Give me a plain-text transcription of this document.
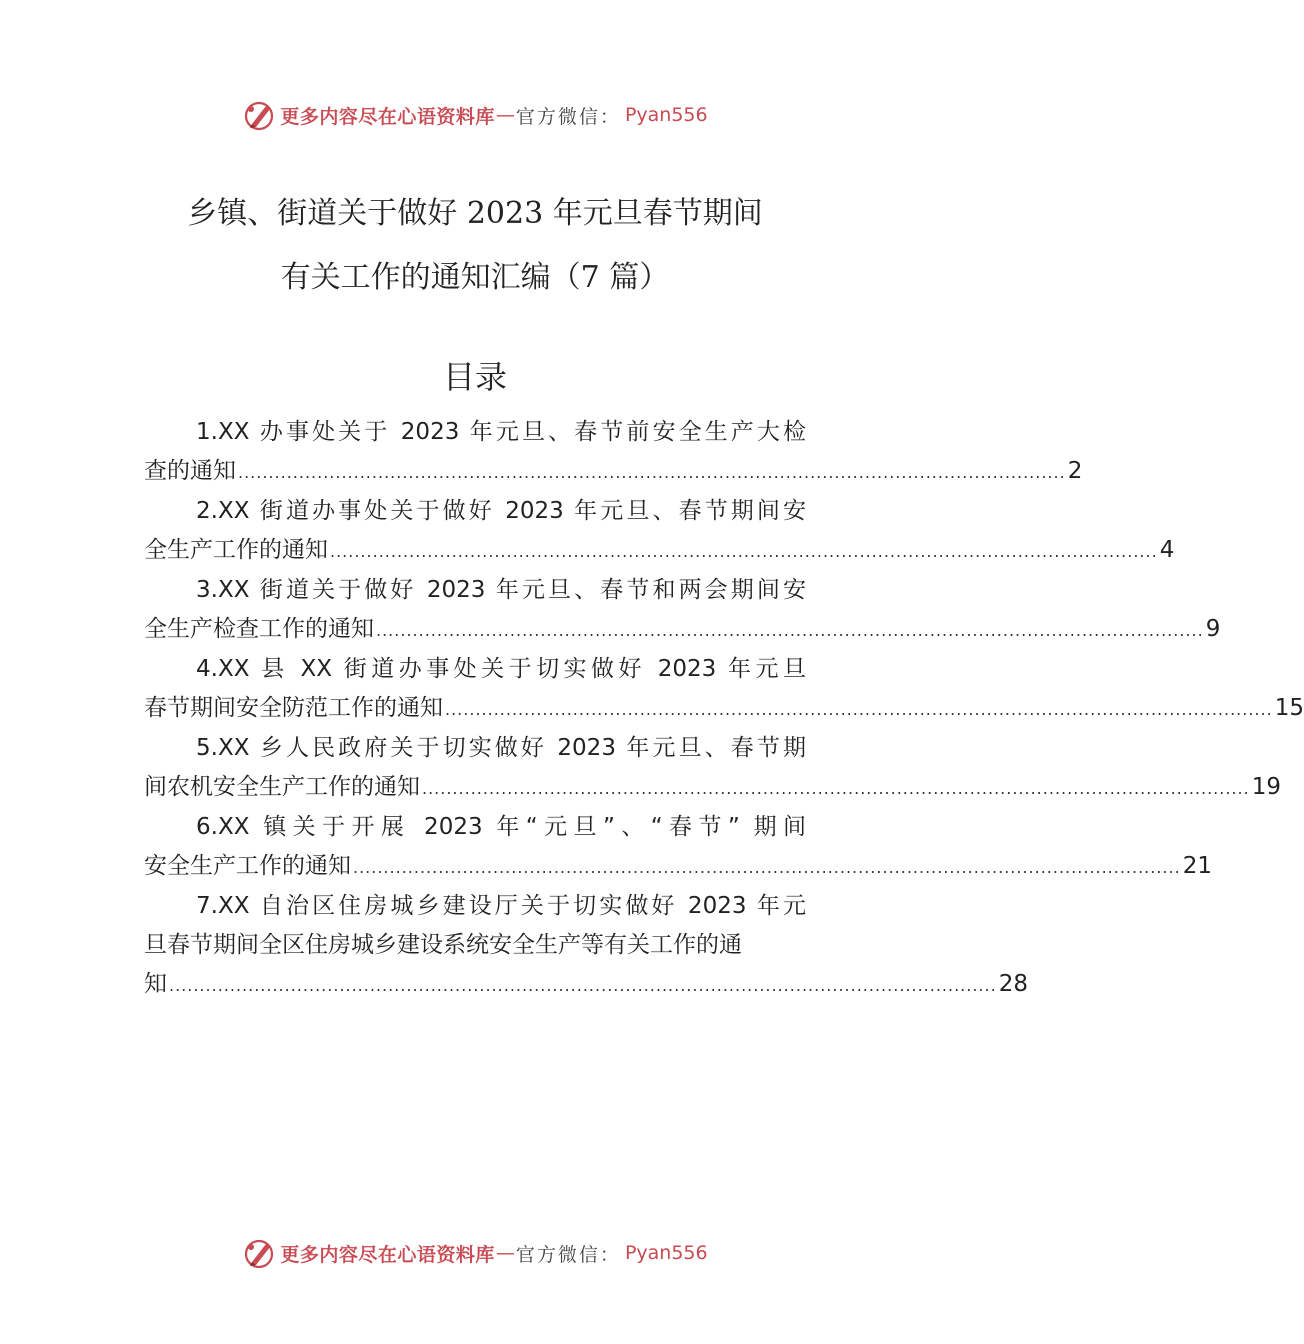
更多内容尽在心语资料库 — 官方微信： Pyan556
乡镇、街道关于做好 2023 年元旦春节期间
有关工作的通知汇编（7 篇）
目录
1.XX 办事处关于 2023 年元旦、春节前安全生产大检
查的通知 ........................................................................................................................................ 2
2.XX 街道办事处关于做好 2023 年元旦、春节期间安
全生产工作的通知 ........................................................................................................................................ 4
3.XX 街道关于做好 2023 年元旦、春节和两会期间安
全生产检查工作的通知 ........................................................................................................................................ 9
4.XX 县 XX 街道办事处关于切实做好 2023 年元旦
春节期间安全防范工作的通知 ........................................................................................................................................ 15
5.XX 乡人民政府关于切实做好 2023 年元旦、春节期
间农机安全生产工作的通知 ........................................................................................................................................ 19
6.XX 镇关于开展 2023 年“元旦”、“春节” 期间
安全生产工作的通知 ........................................................................................................................................ 21
7.XX 自治区住房城乡建设厅关于切实做好 2023 年元
旦春节期间全区住房城乡建设系统安全生产等有关工作的通
知 ........................................................................................................................................ 28
更多内容尽在心语资料库 — 官方微信： Pyan556
